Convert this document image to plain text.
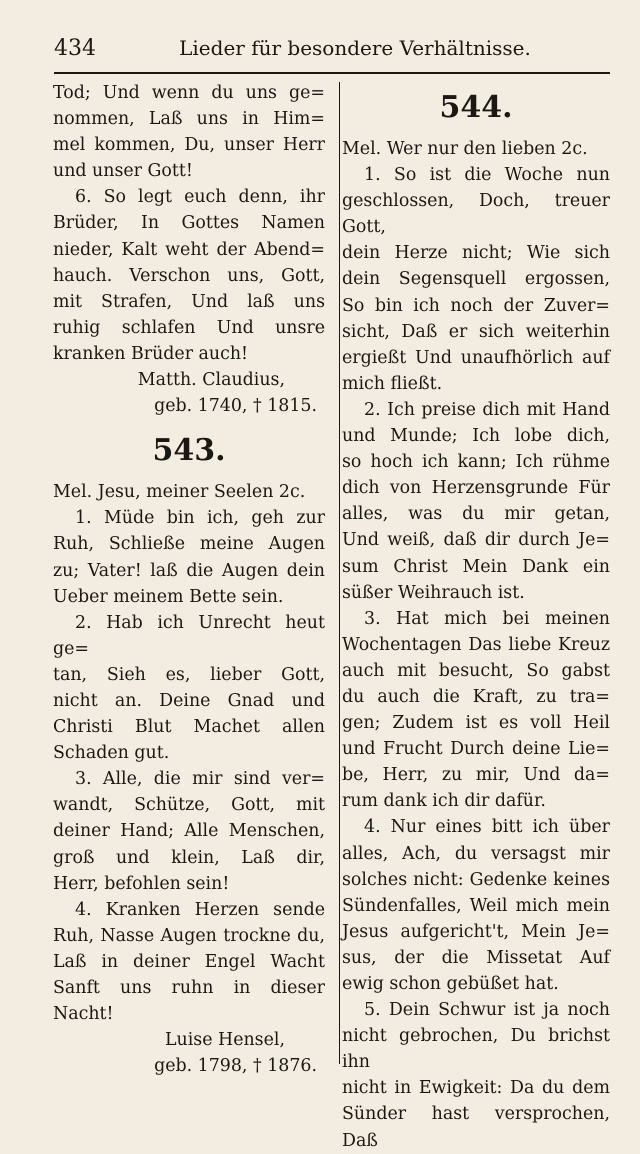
434	Lieder für besondere Verhältnisse.

Tod; Und wenn du uns ge=

nommen, Laß uns in Him=

mel kommen, Du, unser Herr

und unser Gott!

6. So legt euch denn, ihr

Brüder, In Gottes Namen

nieder, Kalt weht der Abend=

hauch. Verschon uns, Gott,

mit Strafen, Und laß uns

ruhig schlafen Und unsre

kranken Brüder auch!

Matth. Claudius,

geb. 1740, † 1815.

543.

Mel. Jesu, meiner Seelen 2c.

1. Müde bin ich, geh zur

Ruh, Schließe meine Augen

zu; Vater! laß die Augen dein

Ueber meinem Bette sein.

2. Hab ich Unrecht heut ge=

tan, Sieh es, lieber Gott,

nicht an. Deine Gnad und

Christi Blut Machet allen

Schaden gut.

3. Alle, die mir sind ver=

wandt, Schütze, Gott, mit

deiner Hand; Alle Menschen,

groß und klein, Laß dir,

Herr, befohlen sein!

4. Kranken Herzen sende

Ruh, Nasse Augen trockne du,

Laß in deiner Engel Wacht

Sanft uns ruhn in dieser

Nacht!

Luise Hensel,

geb. 1798, † 1876.

544.

Mel. Wer nur den lieben 2c.

1. So ist die Woche nun

geschlossen, Doch, treuer Gott,

dein Herze nicht; Wie sich

dein Segensquell ergossen,

So bin ich noch der Zuver=

sicht, Daß er sich weiterhin

ergießt Und unaufhörlich auf

mich fließt.

2. Ich preise dich mit Hand

und Munde; Ich lobe dich,

so hoch ich kann; Ich rühme

dich von Herzensgrunde Für

alles, was du mir getan,

Und weiß, daß dir durch Je=

sum Christ Mein Dank ein

süßer Weihrauch ist.

3. Hat mich bei meinen

Wochentagen Das liebe Kreuz

auch mit besucht, So gabst

du auch die Kraft, zu tra=

gen; Zudem ist es voll Heil

und Frucht Durch deine Lie=

be, Herr, zu mir, Und da=

rum dank ich dir dafür.

4. Nur eines bitt ich über

alles, Ach, du versagst mir

solches nicht: Gedenke keines

Sündenfalles, Weil mich mein

Jesus aufgericht't, Mein Je=

sus, der die Missetat Auf

ewig schon gebüßet hat.

5. Dein Schwur ist ja noch

nicht gebrochen, Du brichst ihn

nicht in Ewigkeit: Da du dem

Sünder hast versprochen, Daß
